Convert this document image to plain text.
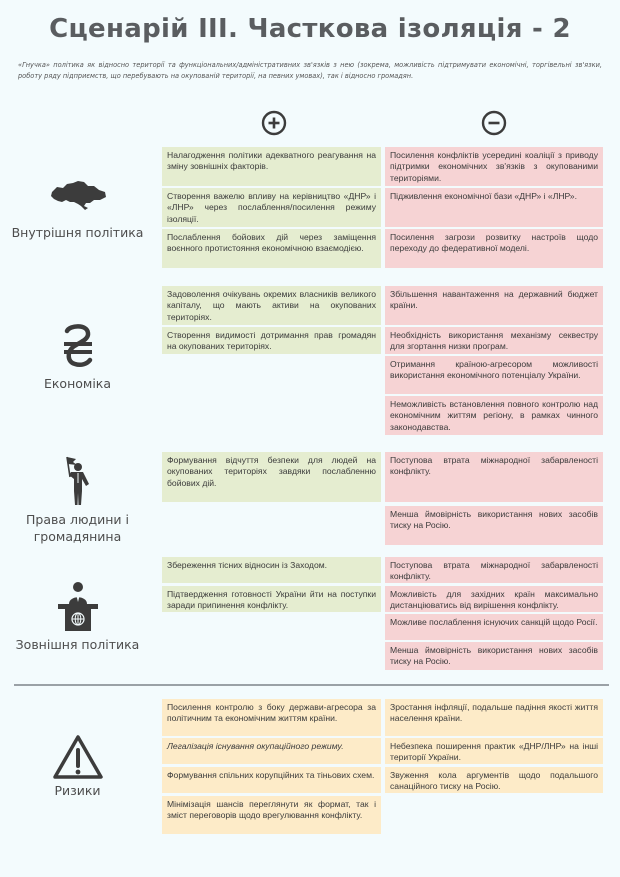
Сценарій ІІІ. Часткова ізоляція - 2
«Гнучка» політика як відносно території та функціональних/адміністративних зв'язків з нею (зокрема, можливість підтримувати економічні, торгівельні зв'язки, роботу ряду підприємств, що перебувають на окупованій території, на певних умовах), так і відносно громадян.
Внутрішня політика
Налагодження політики адекватного реагування на зміну зовнішніх факторів.
Створення важелю впливу на керівництво «ДНР» і «ЛНР» через послаблення/посилення режиму ізоляції.
Послаблення бойових дій через заміщення воєнного протистояння економічною взаємодією.
Посилення конфліктів усередині коаліції з приводу підтримки економічних зв'язків з окупованими територіями.
Підживлення економічної бази «ДНР» і «ЛНР».
Посилення загрози розвитку настроїв щодо переходу до федеративної моделі.
Економіка
Задоволення очікувань окремих власників великого капіталу, що мають активи на окупованих територіях.
Створення видимості дотримання прав громадян на окупованих територіях.
Збільшення навантаження на державний бюджет країни.
Необхідність використання механізму секвестру для згортання низки програм.
Отримання країною-агресором можливості використання економічного потенціалу України.
Неможливість встановлення повного контролю над економічним життям регіону, в рамках чинного законодавства.
Права людини і громадянина
Формування відчуття безпеки для людей на окупованих територіях завдяки послабленню бойових дій.
Поступова втрата міжнародної забарвленості конфлікту.
Менша ймовірність використання нових засобів тиску на Росію.
Зовнішня політика
Збереження тісних відносин із Заходом.
Підтвердження готовності України йти на поступки заради припинення конфлікту.
Поступова втрата міжнародної забарвленості конфлікту.
Можливість для західних країн максимально дистанціюватись від вирішення конфлікту.
Можливе послаблення існуючих санкцій щодо Росії.
Менша ймовірність використання нових засобів тиску на Росію.
Ризики
Посилення контролю з боку держави-агресора за політичним та економічним життям країни.
Легалізація існування окупаційного режиму.
Формування спільних корупційних та тіньових схем.
Мінімізація шансів переглянути як формат, так і зміст переговорів щодо врегулювання конфлікту.
Зростання інфляції, подальше падіння якості життя населення країни.
Небезпека поширення практик «ДНР/ЛНР» на інші території України.
Звуження кола аргументів щодо подальшого санаційного тиску на Росію.
